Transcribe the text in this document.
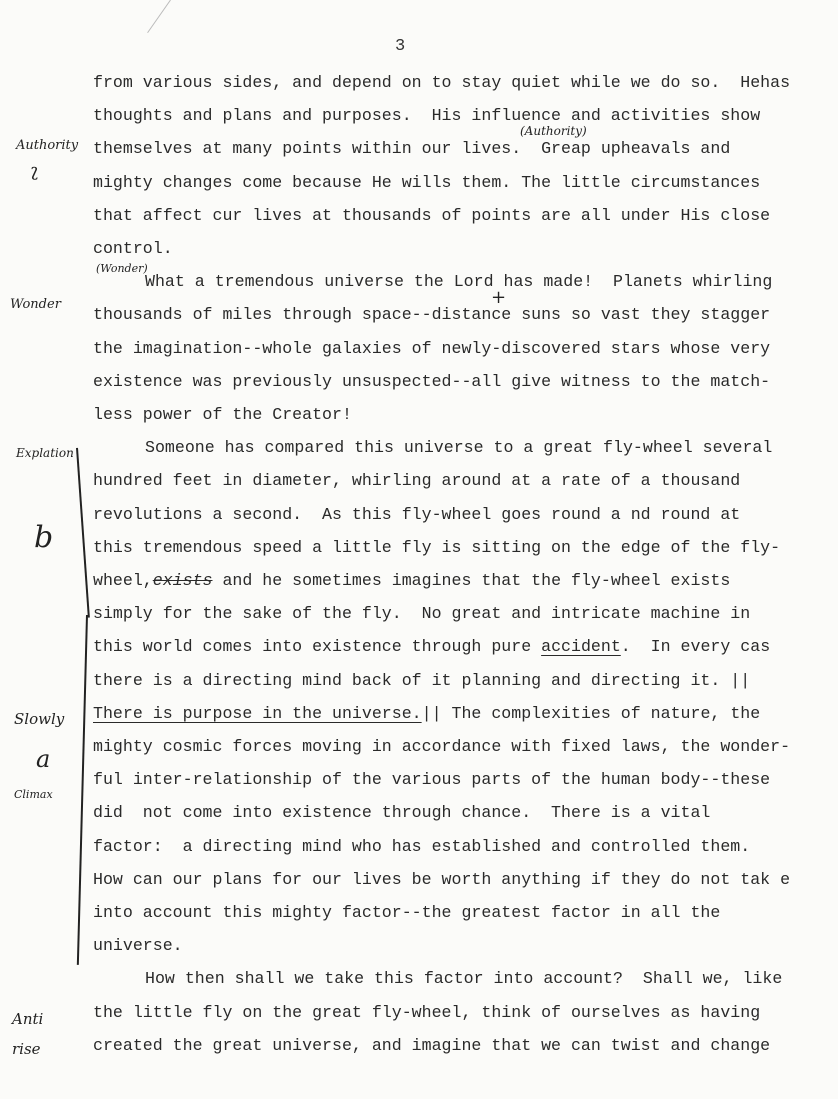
3
from various sides, and depend on to stay quiet while we do so.  Hehas
thoughts and plans and purposes.  His influence and activities show
themselves at many points within our lives.  Greap upheavals and
mighty changes come because He wills them. The little circumstances
that affect cur lives at thousands of points are all under His close
control.
What a tremendous universe the Lord has made!  Planets whirling
thousands of miles through space--distance suns so vast they stagger
the imagination--whole galaxies of newly-discovered stars whose very
existence was previously unsuspected--all give witness to the match-
less power of the Creator!
Someone has compared this universe to a great fly-wheel several
hundred feet in diameter, whirling around at a rate of a thousand
revolutions a second.  As this fly-wheel goes round a nd round at
this tremendous speed a little fly is sitting on the edge of the fly-
wheel,exists and he sometimes imagines that the fly-wheel exists
simply for the sake of the fly.  No great and intricate machine in
this world comes into existence through pure accident.  In every cas
there is a directing mind back of it planning and directing it. ||
There is purpose in the universe.|| The complexities of nature, the
mighty cosmic forces moving in accordance with fixed laws, the wonder-
ful inter-relationship of the various parts of the human body--these
did  not come into existence through chance.  There is a vital
factor:  a directing mind who has established and controlled them.
How can our plans for our lives be worth anything if they do not tak e
into account this mighty factor--the greatest factor in all the
universe.
How then shall we take this factor into account?  Shall we, like
the little fly on the great fly-wheel, think of ourselves as having
created the great universe, and imagine that we can twist and change
Authority
ʅ
(Authority)
(Wonder)
Wonder	+
Explation
b
Slowly
a
Climax
Anti
rise
